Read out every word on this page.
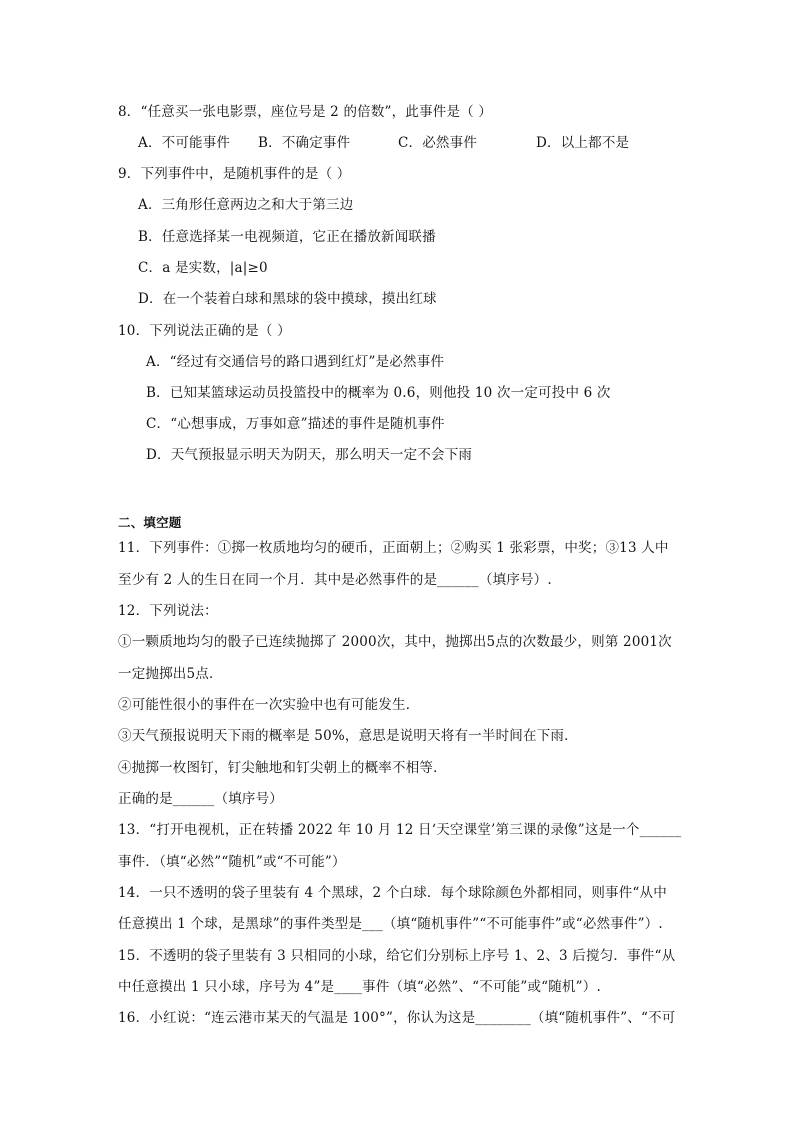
8．“任意买一张电影票，座位号是 2 的倍数”，此事件是（ ）
A．不可能事件 B．不确定事件	C．必然事件	D．以上都不是
9．下列事件中，是随机事件的是（ ）
A．三角形任意两边之和大于第三边
B．任意选择某一电视频道，它正在播放新闻联播
C．a 是实数，|a|≥0
D．在一个装着白球和黑球的袋中摸球，摸出红球
10．下列说法正确的是（ ）
A．“经过有交通信号的路口遇到红灯”是必然事件
B．已知某篮球运动员投篮投中的概率为 0.6，则他投 10 次一定可投中 6 次
C．“心想事成，万事如意”描述的事件是随机事件
D．天气预报显示明天为阴天，那么明天一定不会下雨
二、填空题
11．下列事件：①掷一枚质地均匀的硬币，正面朝上；②购买 1 张彩票，中奖；③13 人中
至少有 2 人的生日在同一个月．其中是必然事件的是______（填序号）.
12．下列说法：
①一颗质地均匀的骰子已连续抛掷了 2000次，其中，抛掷出5点的次数最少，则第 2001次
一定抛掷出5点．
②可能性很小的事件在一次实验中也有可能发生．
③天气预报说明天下雨的概率是 50%，意思是说明天将有一半时间在下雨．
④抛掷一枚图钉，钉尖触地和钉尖朝上的概率不相等．
正确的是______（填序号）
13．“打开电视机，正在转播 2022 年 10 月 12 日‘天空课堂’第三课的录像”这是一个______
事件．（填“必然”“随机”或“不可能”）
14．一只不透明的袋子里装有 4 个黑球，2 个白球．每个球除颜色外都相同，则事件“从中
任意摸出 1 个球，是黑球”的事件类型是___（填“随机事件”“不可能事件”或“必然事件”）.
15．不透明的袋子里装有 3 只相同的小球，给它们分别标上序号 1、2、3 后搅匀．事件“从
中任意摸出 1 只小球，序号为 4”是____事件（填“必然”、“不可能”或“随机”）.
16．小红说：“连云港市某天的气温是 100°”，你认为这是________（填“随机事件”、“不可
